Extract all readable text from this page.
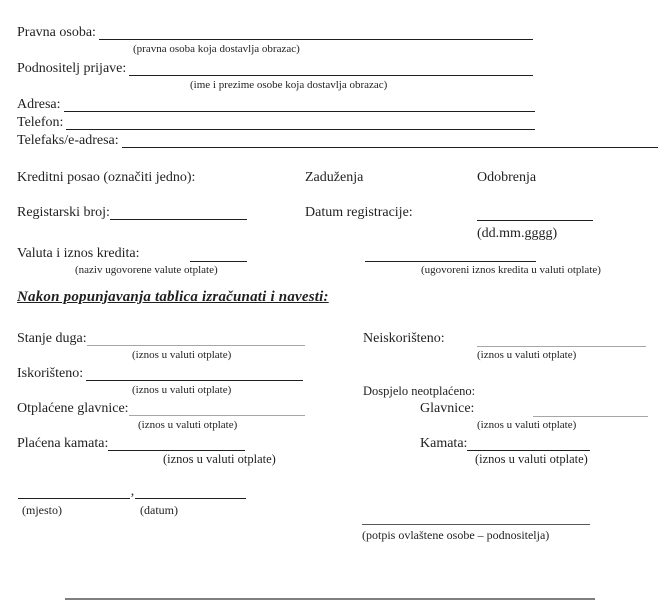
Pravna osoba:
(pravna osoba koja dostavlja obrazac)
Podnositelj prijave:
(ime i prezime osobe koja dostavlja obrazac)
Adresa:
Telefon:
Telefaks/e-adresa:
Kreditni posao (označiti jedno):	Zaduženja	Odobrenja
Registarski broj:	Datum registracije:
(dd.mm.gggg)
Valuta i iznos kredita:
(naziv ugovorene valute otplate)	(ugovoreni iznos kredita u valuti otplate)
Nakon popunjavanja tablica izračunati i navesti:
Stanje duga:
(iznos u valuti otplate)
Iskorišteno:
(iznos u valuti otplate)
Otplaćene glavnice:
(iznos u valuti otplate)
Plaćena kamata:
(iznos u valuti otplate)
Neiskorišteno:
(iznos u valuti otplate)
Dospjelo neotplaćeno:
Glavnice:
(iznos u valuti otplate)
Kamata:
(iznos u valuti otplate)
,
(mjesto)	(datum)
(potpis ovlaštene osobe – podnositelja)
